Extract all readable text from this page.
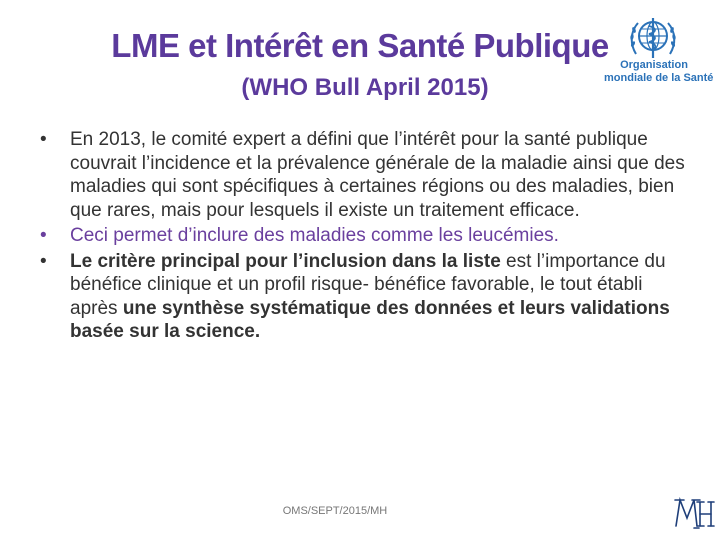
LME et Intérêt en Santé Publique
(WHO Bull April 2015)
Organisation
mondiale de la Santé
•	En 2013, le comité expert a défini que l’intérêt pour la santé publique couvrait l’incidence et la prévalence générale de la maladie ainsi que des maladies qui sont spécifiques à certaines régions ou des maladies, bien que rares, mais pour lesquels il existe un traitement efficace.
•	Ceci permet d’inclure des maladies comme les leucémies.
•	Le critère principal pour l’inclusion dans la liste est l’importance du bénéfice clinique et un profil risque- bénéfice favorable, le tout établi après une synthèse systématique des données et leurs validations basée sur la science.
OMS/SEPT/2015/MH
